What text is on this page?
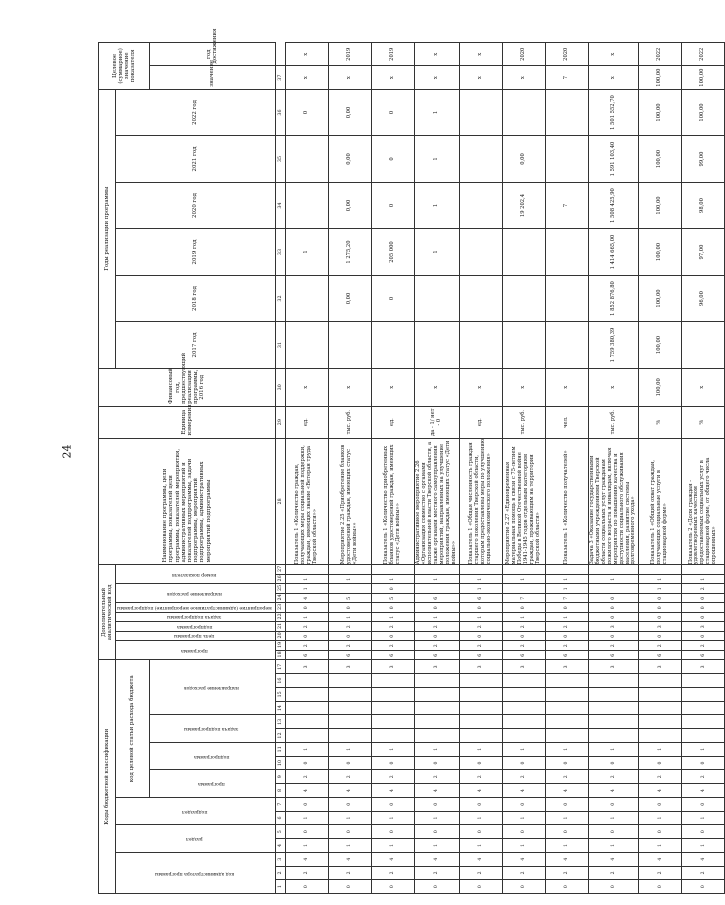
24
Коды бюджетной классификации																	Дополнительный аналитический код										Наименование программы, цели программы, показателей цели программы, показателей мероприятия, административных мероприятий и показателей подпрограммы, задачи подпрограммы, мероприятий подпрограммы, административных мероприятий подпрограммы	Единица измерения	Финансовый год, предшествующий реализации программы, 2016 год	Годы реализации программы						Целевое (суммарное) значение показателя	
код администратора программы			раздел		подраздел		код целевой статьи расхода бюджета										программа		цель программы	подпрограмма	задача подпрограммы	мероприятие (административное мероприятие) подпрограммы	направление расходов		номер показателя					2017 год	2018 год	2019 год	2020 год	2021 год	2022 год		
							программа		подпрограмма		задача подпрограммы		направление расходов																							значение	год достижения
1	2	3	4	5	6	7	8	9	10	11	12	13	14	15	16	17	18	19	20	21	22	23	24	25	26	27	28	29	30	31	32	33	34	35	36	37	
0	2	4	1	0	1	0	4	2	0	1						3	6	2	0	2	1	0	4	1	1		Показатель 1 «Количество граждан, получающих меры социальной поддержки, граждан, имеющих звание «Ветеран труда Тверской области»»	ед.	х			1			0	х	х
0	2	4	1	0	1	0	4	2	0	1						3	6	2	0	2	1	0	5		1		Мероприятие 2.25 «Приобретение бланков удостоверений граждан, имеющих статус «Дети войны»»	тыс. руб.	х		0,00	1 275,20	0,00	0,00	0,00	х	2019
0	2	4	1	0	1	0	4	2	0	1						3	6	2	0	2	1	0	5	0	1		Показатель 1 «Количество приобретенных бланков удостоверений граждан, имеющих статус «Дети войны»»	ед.	х		0	205 000	0	0	0	х	2019
0	2	4	1	0	1	0	4	2	0	1						3	6	2	0	2	1	0	6		1		Административное мероприятие 2.26 «Организация совместно с органами исполнительной власти Тверской области, а также органами местного самоуправления мероприятий, направленных на улучшение положения граждан, имеющих статус «Дети войны»»	да - 1/ нет - 0	х			1	1	1	1	х	х
0	2	4	1	0	1	0	4	2	0	1						3	6	2	0	2	1	0	6	1	1		Показатель 1 «Общая численность граждан старшего поколения Тверской области, которым предоставлены меры по улучшению социально-экономического положения»	ед.	х							х	х
0	2	4	1	0	1	0	4	2	0	1						3	6	2	0	2	1	0	7		1		Мероприятие 2.27 «Единовременная материальная помощь в связи с 75-летием Победы в Великой Отечественной войне 1941-1945 годов отдельным категориям граждан, проживающим на территории Тверской области»	тыс. руб.	х				19 202,4	0,00		х	2020
0	2	4	1	0	1	0	4	2	0	1						3	6	2	0	2	1	0	7	1	1		Показатель 1 «Количество получателей»	чел.	х				7			7	2020
0	2	4	1	0	1	0	4	2	0	1						3	6	2	0	3	0	0	0		1		Задача 3 «Оказание государственными бюджетными учреждениями Тверской области социальных услуг гражданам пожилого возраста и инвалидам, включая мероприятия по повышению качества и доступности социального обслуживания населения, развитие системы долговременного ухода»	тыс. руб.	х	1 759 380,39	1 852 876,80	1 414 665,00	1 508 425,90	1 591 103,40	1 501 552,70	х	х
0	2	4	1	0	1	0	4	2	0	1						3	6	2	0	3	0	0	0	1	1		Показатель 1 «Общий охват граждан, получающих социальные услуги в стационарной форме»	%	100,00	100,00	100,00	100,00	100,00	100,00	100,00	100,00	2022
0	2	4	1	0	1	0	4	2	0	1						3	6	2	0	3	0	0	0	2	1		Показатель 2 «Доля граждан - удовлетворенных качеством предоставляемых социальных услуг в стационарной форме, от общего числа опрошенных»	%	х		96,00	97,00	98,00	99,00	100,00	100,00	2022
